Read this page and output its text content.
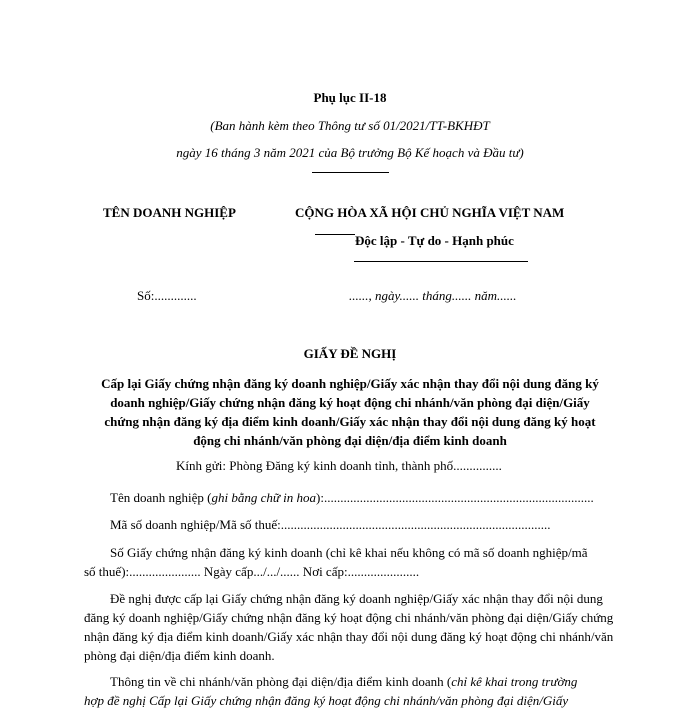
Phụ lục II-18
(Ban hành kèm theo Thông tư số 01/2021/TT-BKHĐT
ngày 16 tháng 3 năm 2021 của Bộ trưởng Bộ Kế hoạch và Đầu tư)
TÊN DOANH NGHIỆP	CỘNG HÒA XÃ HỘI CHỦ NGHĨA VIỆT NAM
Độc lập - Tự do - Hạnh phúc
Số:.............	......, ngày...... tháng...... năm......
GIẤY ĐỀ NGHỊ
Cấp lại Giấy chứng nhận đăng ký doanh nghiệp/Giấy xác nhận thay đổi nội dung đăng ký
doanh nghiệp/Giấy chứng nhận đăng ký hoạt động chi nhánh/văn phòng đại diện/Giấy
chứng nhận đăng ký địa điểm kinh doanh/Giấy xác nhận thay đổi nội dung đăng ký hoạt
động chi nhánh/văn phòng đại diện/địa điểm kinh doanh
Kính gửi: Phòng Đăng ký kinh doanh tỉnh, thành phố...............
Tên doanh nghiệp (ghi bằng chữ in hoa):...................................................................................
Mã số doanh nghiệp/Mã số thuế:...................................................................................
Số Giấy chứng nhận đăng ký kinh doanh (chỉ kê khai nếu không có mã số doanh nghiệp/mã
số thuế):...................... Ngày cấp.../.../...... Nơi cấp:......................
Đề nghị được cấp lại Giấy chứng nhận đăng ký doanh nghiệp/Giấy xác nhận thay đổi nội dung
đăng ký doanh nghiệp/Giấy chứng nhận đăng ký hoạt động chi nhánh/văn phòng đại diện/Giấy chứng
nhận đăng ký địa điểm kinh doanh/Giấy xác nhận thay đổi nội dung đăng ký hoạt động chi nhánh/văn
phòng đại diện/địa điểm kinh doanh.
Thông tin về chi nhánh/văn phòng đại diện/địa điểm kinh doanh (chỉ kê khai trong trường
hợp đề nghị Cấp lại Giấy chứng nhận đăng ký hoạt động chi nhánh/văn phòng đại diện/Giấy
